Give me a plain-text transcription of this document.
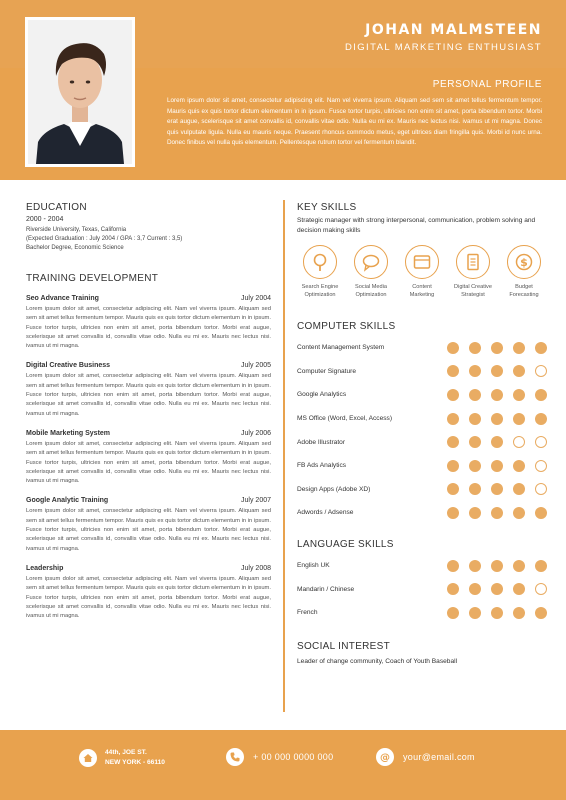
JOHAN MALMSTEEN
DIGITAL MARKETING ENTHUSIAST
PERSONAL PROFILE
Lorem ipsum dolor sit amet, consectetur adipiscing elit. Nam vel viverra ipsum. Aliquam sed sem sit amet tellus fermentum tempor. Mauris quis ex quis tortor dictum elementum in in ipsum. Fusce tortor turpis, ultricies non enim sit amet, porta bibendum tortor. Morbi erat augue, scelerisque sit amet convallis id, convallis vitae odio. Nulla eu mi ex. Mauris nec lectus nisi. ivamus ut mi magna. Donec quis vulputate ligula. Nulla eu mauris neque. Praesent rhoncus commodo metus, eget ultrices diam fringilla quis. Morbi id nunc urna. Donec finibus vel nulla quis elementum. Pellentesque rutrum tortor vel fermentum blandit.
EDUCATION
2000 - 2004
Riverside University, Texas, California
(Expected Graduation : July 2004 / GPA : 3,7 Current : 3,5)
Bachelor Degree, Economic Science
TRAINING DEVELOPMENT
Seo Advance Training	July 2004
Lorem ipsum dolor sit amet, consectetur adipiscing elit. Nam vel viverra ipsum. Aliquam sed sem sit amet tellus fermentum tempor. Mauris quis ex quis tortor dictum elementum in in ipsum. Fusce tortor turpis, ultricies non enim sit amet, porta bibendum tortor. Morbi erat augue, scelerisque sit amet convallis id, convallis vitae odio. Nulla eu mi ex. Mauris nec lectus nisi. ivamus ut mi magna.
Digital Creative Business	July 2005
Lorem ipsum dolor sit amet, consectetur adipiscing elit. Nam vel viverra ipsum. Aliquam sed sem sit amet tellus fermentum tempor. Mauris quis ex quis tortor dictum elementum in in ipsum. Fusce tortor turpis, ultricies non enim sit amet, porta bibendum tortor. Morbi erat augue, scelerisque sit amet convallis id, convallis vitae odio. Nulla eu mi ex. Mauris nec lectus nisi. ivamus ut mi magna.
Mobile Marketing System	July 2006
Lorem ipsum dolor sit amet, consectetur adipiscing elit. Nam vel viverra ipsum. Aliquam sed sem sit amet tellus fermentum tempor. Mauris quis ex quis tortor dictum elementum in in ipsum. Fusce tortor turpis, ultricies non enim sit amet, porta bibendum tortor. Morbi erat augue, scelerisque sit amet convallis id, convallis vitae odio. Nulla eu mi ex. Mauris nec lectus nisi. ivamus ut mi magna.
Google Analytic Training	July 2007
Lorem ipsum dolor sit amet, consectetur adipiscing elit. Nam vel viverra ipsum. Aliquam sed sem sit amet tellus fermentum tempor. Mauris quis ex quis tortor dictum elementum in in ipsum. Fusce tortor turpis, ultricies non enim sit amet, porta bibendum tortor. Morbi erat augue, scelerisque sit amet convallis id, convallis vitae odio. Nulla eu mi ex. Mauris nec lectus nisi. ivamus ut mi magna.
Leadership	July 2008
Lorem ipsum dolor sit amet, consectetur adipiscing elit. Nam vel viverra ipsum. Aliquam sed sem sit amet tellus fermentum tempor. Mauris quis ex quis tortor dictum elementum in in ipsum. Fusce tortor turpis, ultricies non enim sit amet, porta bibendum tortor. Morbi erat augue, scelerisque sit amet convallis id, convallis vitae odio. Nulla eu mi ex. Mauris nec lectus nisi. ivamus ut mi magna.
KEY SKILLS
Strategic manager with strong interpersonal, communication, problem solving and decision making skills
Search Engine
Optimization
Social Media
Optimization
Content
Marketing
Digital Creative
Strategist
$
Budget
Forecasting
COMPUTER SKILLS
Content Management System
Computer Signature
Google Analytics
MS Office (Word, Excel, Access)
Adobe Illustrator
FB Ads Analytics
Design Apps (Adobe XD)
Adwords / Adsense
LANGUAGE SKILLS
English UK
Mandarin / Chinese
French
SOCIAL INTEREST
Leader of change community, Coach of Youth Baseball
44th, JOE ST.
NEW YORK - 66110
+ 00 000 0000 000	@ your@email.com
